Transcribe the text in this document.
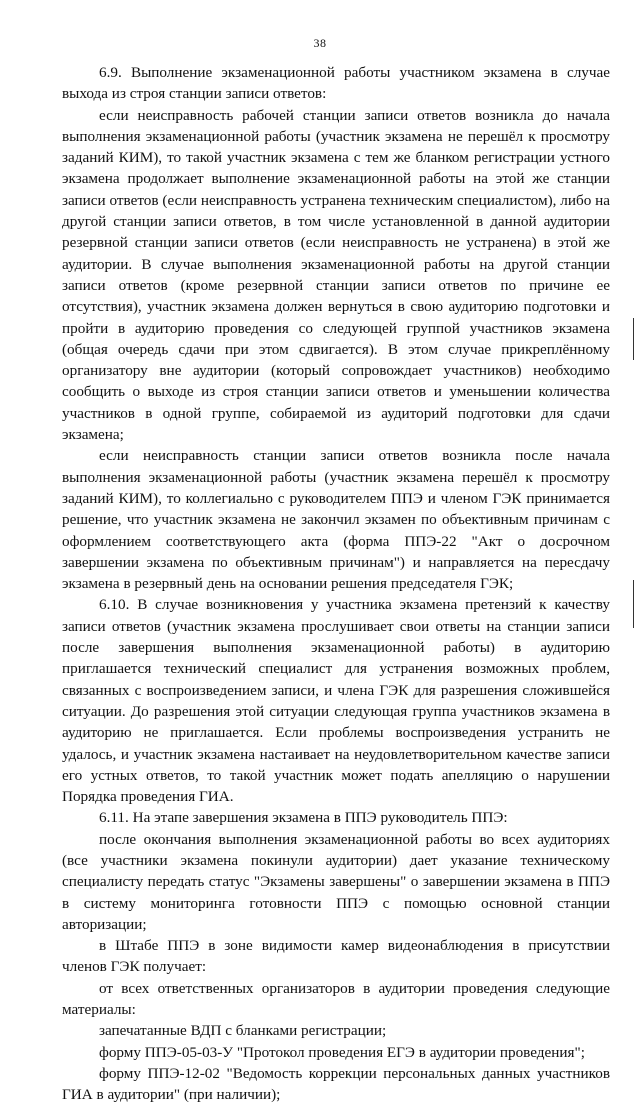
38

6.9. Выполнение экзаменационной работы участником экзамена в случае выхода из строя станции записи ответов:

если неисправность рабочей станции записи ответов возникла до начала выполнения экзаменационной работы (участник экзамена не перешёл к просмотру заданий КИМ), то такой участник экзамена с тем же бланком регистрации устного экзамена продолжает выполнение экзаменационной работы на этой же станции записи ответов (если неисправность устранена техническим специалистом), либо на другой станции записи ответов, в том числе установленной в данной аудитории резервной станции записи ответов (если неисправность не устранена) в этой же аудитории. В случае выполнения экзаменационной работы на другой станции записи ответов (кроме резервной станции записи ответов по причине ее отсутствия), участник экзамена должен вернуться в свою аудиторию подготовки и пройти в аудиторию проведения со следующей группой участников экзамена (общая очередь сдачи при этом сдвигается). В этом случае прикреплённому организатору вне аудитории (который сопровождает участников) необходимо сообщить о выходе из строя станции записи ответов и уменьшении количества участников в одной группе, собираемой из аудиторий подготовки для сдачи экзамена;

если неисправность станции записи ответов возникла после начала выполнения экзаменационной работы (участник экзамена перешёл к просмотру заданий КИМ), то коллегиально с руководителем ППЭ и членом ГЭК принимается решение, что участник экзамена не закончил экзамен по объективным причинам с оформлением соответствующего акта (форма ППЭ-22 "Акт о досрочном завершении экзамена по объективным причинам") и направляется на пересдачу экзамена в резервный день на основании решения председателя ГЭК;

6.10. В случае возникновения у участника экзамена претензий к качеству записи ответов (участник экзамена прослушивает свои ответы на станции записи после завершения выполнения экзаменационной работы) в аудиторию приглашается технический специалист для устранения возможных проблем, связанных с воспроизведением записи, и члена ГЭК для разрешения сложившейся ситуации. До разрешения этой ситуации следующая группа участников экзамена в аудиторию не приглашается. Если проблемы воспроизведения устранить не удалось, и участник экзамена настаивает на неудовлетворительном качестве записи его устных ответов, то такой участник может подать апелляцию о нарушении Порядка проведения ГИА.

6.11. На этапе завершения экзамена в ППЭ руководитель ППЭ:

после окончания выполнения экзаменационной работы во всех аудиториях (все участники экзамена покинули аудитории) дает указание техническому специалисту передать статус "Экзамены завершены" о завершении экзамена в ППЭ в систему мониторинга готовности ППЭ с помощью основной станции авторизации;

в Штабе ППЭ в зоне видимости камер видеонаблюдения в присутствии членов ГЭК получает:

от всех ответственных организаторов в аудитории проведения следующие материалы:

запечатанные ВДП с бланками регистрации;

форму ППЭ-05-03-У "Протокол проведения ЕГЭ в аудитории проведения";

форму ППЭ-12-02 "Ведомость коррекции персональных данных участников ГИА в аудитории" (при наличии);
